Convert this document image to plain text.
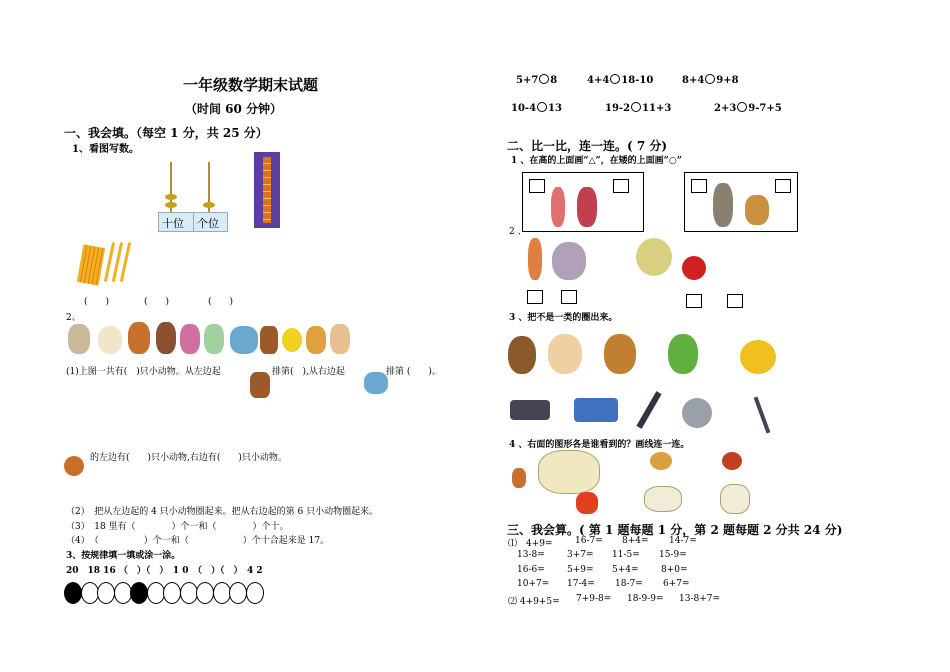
一年级数学期末试题
（时间 60 分钟）
一、我会填。（每空 1 分，共 25 分）
1、看图写数。
十位 个位
(　　)	(　　)	(　　)
2、
(1)上图一共有(　)只小动物。从左边起	排第(　),从右边起	排第 (　　)。
的左边有(　　)只小动物,右边有(　　)只小动物。
（2）　把从左边起的 4 只小动物圈起来。把从右边起的第 6 只小动物圈起来。
（3）　18 里有（　　　　）个一和（　　　　）个十。
（4）　（　　　　　）个一和（　　　　　　）个十合起来是 17。
3、按规律填一填或涂一涂。
20　18 16 （　）（　）　1 0　（　）（　）　4 2
5+7 8	4+4 18-10	8+4 9+8
10-4 13	19-2 11+3	2+3 9-7+5
二、比一比，连一连。( 7 分)
1 、在高的上面画“△”，在矮的上面画“○”
2 、
3 、把不是一类的圈出来。
4 、右面的图形各是谁看到的？画线连一连。
三、我会算。( 第 1 题每题 1 分，第 2 题每题 2 分共 24 分)
⑴　4+9= 16-7= 8+4= 14-7=
13-8= 3+7= 11-5= 15-9=
16-6= 5+9= 5+4= 8+0=
10+7= 17-4= 18-7= 6+7=
⑵ 4+9+5= 7+9-8= 18-9-9= 13-8+7=
